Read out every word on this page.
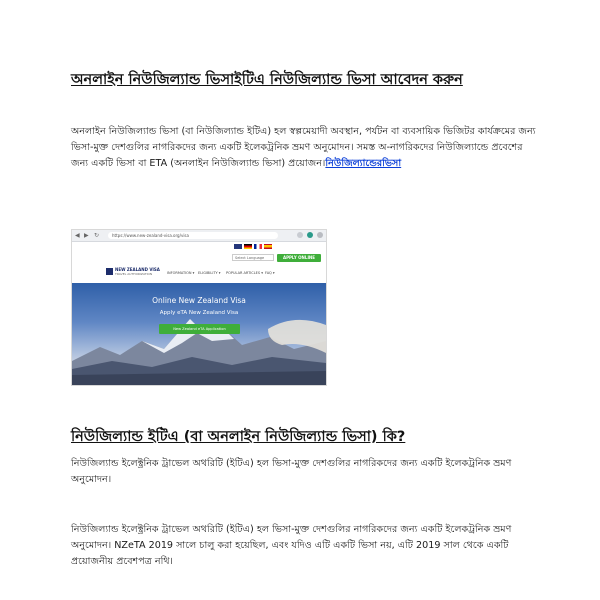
অনলাইন নিউজিল্যান্ড ভিসাইটিএ নিউজিল্যান্ড ভিসা আবেদন করুন

অনলাইন নিউজিল্যান্ড ভিসা (বা নিউজিল্যান্ড ইটিএ) হল স্বল্পমেয়াদী অবস্থান, পর্যটন বা ব্যবসায়িক ভিজিটর কার্যক্রমের জন্য ভিসা-মুক্ত দেশগুলির নাগরিকদের জন্য একটি ইলেকট্রনিক ভ্রমণ অনুমোদন। সমস্ত অ-নাগরিকদের নিউজিল্যান্ডে প্রবেশের জন্য একটি ভিসা বা ETA (অনলাইন নিউজিল্যান্ড ভিসা) প্রয়োজন।নিউজিল্যান্ডেরভিসা

◀ ▶ ↻	https://www.new-zealand-visa.org/visa
Select Language	APPLY ONLINE
NEW ZEALAND VISA
TRAVEL AUTHORIZATION	INFORMATION ▾ ELIGIBILITY ▾ POPULAR ARTICLES ▾ FAQ ▾
Online New Zealand Visa
Apply eTA New Zealand Visa
New Zealand eTA Application
নিউজিল্যান্ড ইটিএ (বা অনলাইন নিউজিল্যান্ড ভিসা) কি?

নিউজিল্যান্ড ইলেক্ট্রনিক ট্রাভেল অথরিটি (ইটিএ) হল ভিসা-মুক্ত দেশগুলির নাগরিকদের জন্য একটি ইলেকট্রনিক ভ্রমণ অনুমোদন।

নিউজিল্যান্ড ইলেক্ট্রনিক ট্রাভেল অথরিটি (ইটিএ) হল ভিসা-মুক্ত দেশগুলির নাগরিকদের জন্য একটি ইলেকট্রনিক ভ্রমণ অনুমোদন। NZeTA 2019 সালে চালু করা হয়েছিল, এবং যদিও এটি একটি ভিসা নয়, এটি 2019 সাল থেকে একটি প্রয়োজনীয় প্রবেশপত্র নথি।
